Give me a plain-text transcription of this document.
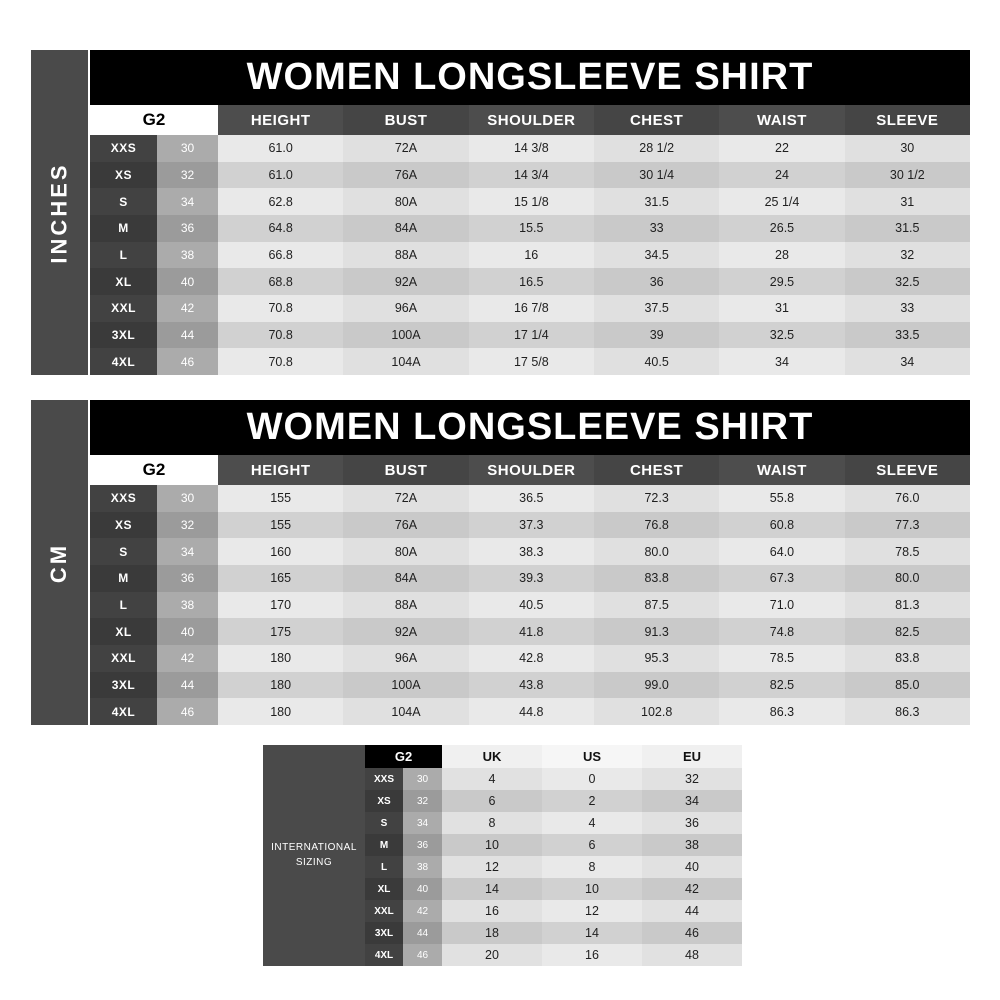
INCHES
WOMEN LONGSLEEVE SHIRT
G2	HEIGHT	BUST	SHOULDER	CHEST	WAIST	SLEEVE
XXS	30	61.0	72A	14 3/8	28 1/2	22	30
XS	32	61.0	76A	14 3/4	30 1/4	24	30 1/2
S	34	62.8	80A	15 1/8	31.5	25 1/4	31
M	36	64.8	84A	15.5	33	26.5	31.5
L	38	66.8	88A	16	34.5	28	32
XL	40	68.8	92A	16.5	36	29.5	32.5
XXL	42	70.8	96A	16 7/8	37.5	31	33
3XL	44	70.8	100A	17 1/4	39	32.5	33.5
4XL	46	70.8	104A	17 5/8	40.5	34	34
CM
WOMEN LONGSLEEVE SHIRT
G2	HEIGHT	BUST	SHOULDER	CHEST	WAIST	SLEEVE
XXS	30	155	72A	36.5	72.3	55.8	76.0
XS	32	155	76A	37.3	76.8	60.8	77.3
S	34	160	80A	38.3	80.0	64.0	78.5
M	36	165	84A	39.3	83.8	67.3	80.0
L	38	170	88A	40.5	87.5	71.0	81.3
XL	40	175	92A	41.8	91.3	74.8	82.5
XXL	42	180	96A	42.8	95.3	78.5	83.8
3XL	44	180	100A	43.8	99.0	82.5	85.0
4XL	46	180	104A	44.8	102.8	86.3	86.3
INTERNATIONAL
SIZING
G2	UK	US	EU
XXS	30	4	0	32
XS	32	6	2	34
S	34	8	4	36
M	36	10	6	38
L	38	12	8	40
XL	40	14	10	42
XXL	42	16	12	44
3XL	44	18	14	46
4XL	46	20	16	48
